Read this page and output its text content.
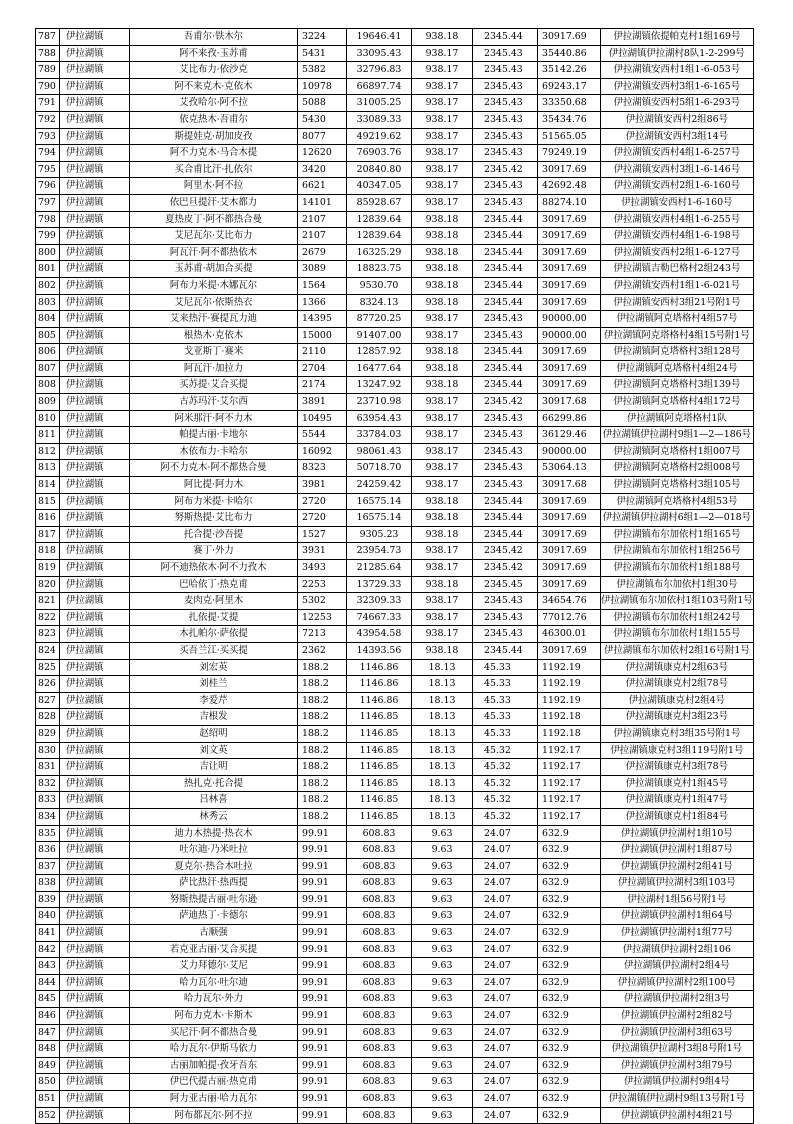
787	伊拉湖镇	吾甫尔·铁木尔	3224	19646.41	938.18	2345.44	30917.69	伊拉湖镇依提帕克村1组169号
788	伊拉湖镇	阿不来孜·玉苏甫	5431	33095.43	938.17	2345.43	35440.86	伊拉湖镇伊拉湖村8队1-2-299号
789	伊拉湖镇	艾比布力·依沙克	5382	32796.83	938.17	2345.43	35142.26	伊拉湖镇安西村1组1-6-053号
790	伊拉湖镇	阿不来克木·克依木	10978	66897.74	938.17	2345.43	69243.17	伊拉湖镇安西村3组1-6-165号
791	伊拉湖镇	艾孜哈尔·阿不拉	5088	31005.25	938.17	2345.43	33350.68	伊拉湖镇安西村5组1-6-293号
792	伊拉湖镇	依克热木·吾甫尔	5430	33089.33	938.17	2345.43	35434.76	伊拉湖镇安西村2组86号
793	伊拉湖镇	斯提娃克·胡加皮孜	8077	49219.62	938.17	2345.43	51565.05	伊拉湖镇安西村3组14号
794	伊拉湖镇	阿不力克木·马合木提	12620	76903.76	938.17	2345.43	79249.19	伊拉湖镇安西村4组1-6-257号
795	伊拉湖镇	买合甫比汗·扎依尔	3420	20840.80	938.17	2345.42	30917.69	伊拉湖镇安西村3组1-6-146号
796	伊拉湖镇	阿里木·阿不拉	6621	40347.05	938.17	2345.43	42692.48	伊拉湖镇安西村2组1-6-160号
797	伊拉湖镇	依巴旦提汗·艾木都力	14101	85928.67	938.17	2345.43	88274.10	伊拉湖镇安西村1-6-160号
798	伊拉湖镇	夏热皮丁·阿不都热合曼	2107	12839.64	938.18	2345.44	30917.69	伊拉湖镇安西村4组1-6-255号
799	伊拉湖镇	艾尼瓦尔·艾比布力	2107	12839.64	938.18	2345.44	30917.69	伊拉湖镇安西村4组1-6-198号
800	伊拉湖镇	阿瓦汗·阿不都热依木	2679	16325.29	938.18	2345.44	30917.69	伊拉湖镇安西村2组1-6-127号
801	伊拉湖镇	玉苏甫·胡加合买提	3089	18823.75	938.18	2345.44	30917.69	伊拉湖镇吉勒巴格村2组243号
802	伊拉湖镇	阿布力米提·木娜瓦尔	1564	9530.70	938.18	2345.44	30917.69	伊拉湖镇安西村1组1-6-021号
803	伊拉湖镇	艾尼瓦尔·依斯热衣	1366	8324.13	938.18	2345.44	30917.69	伊拉湖镇安西村3组21号附1号
804	伊拉湖镇	艾来热汗·赛提瓦力迪	14395	87720.25	938.17	2345.43	90000.00	伊拉湖镇阿克塔格村4组57号
805	伊拉湖镇	根热木·克依木	15000	91407.00	938.17	2345.43	90000.00	伊拉湖镇阿克塔格村4组15号附1号
806	伊拉湖镇	戈亚斯丁·赛米	2110	12857.92	938.18	2345.44	30917.69	伊拉湖镇阿克塔格村3组128号
807	伊拉湖镇	阿瓦汗·加拉力	2704	16477.64	938.18	2345.44	30917.69	伊拉湖镇阿克塔格村4组24号
808	伊拉湖镇	买苏提·艾合买提	2174	13247.92	938.18	2345.44	30917.69	伊拉湖镇阿克塔格村3组139号
809	伊拉湖镇	古苏玛汗·艾尔西	3891	23710.98	938.17	2345.42	30917.68	伊拉湖镇阿克塔格村4组172号
810	伊拉湖镇	阿米那汗·阿不力木	10495	63954.43	938.17	2345.43	66299.86	伊拉湖镇阿克塔格村1队
811	伊拉湖镇	帕提古丽·卡地尔	5544	33784.03	938.17	2345.43	36129.46	伊拉湖镇伊拉湖村9组1—2—186号
812	伊拉湖镇	木依布力·卡哈尔	16092	98061.43	938.17	2345.43	90000.00	伊拉湖镇阿克塔格村1组007号
813	伊拉湖镇	阿不力克木·阿不都热合曼	8323	50718.70	938.17	2345.43	53064.13	伊拉湖镇阿克塔格村2组008号
814	伊拉湖镇	阿比提·阿力木	3981	24259.42	938.17	2345.43	30917.68	伊拉湖镇阿克塔格村3组105号
815	伊拉湖镇	阿布力米提·卡哈尔	2720	16575.14	938.18	2345.44	30917.69	伊拉湖镇阿克塔格村4组53号
816	伊拉湖镇	努斯热提·艾比布力	2720	16575.14	938.18	2345.44	30917.69	伊拉湖镇伊拉湖村6组1—2—018号
817	伊拉湖镇	托合提·沙吾提	1527	9305.23	938.18	2345.44	30917.69	伊拉湖镇布尔加依村1组165号
818	伊拉湖镇	赛丁·外力	3931	23954.73	938.17	2345.42	30917.69	伊拉湖镇布尔加依村1组256号
819	伊拉湖镇	阿不迪热依木·阿不力孜木	3493	21285.64	938.17	2345.42	30917.69	伊拉湖镇布尔加依村1组188号
820	伊拉湖镇	巴哈依丁·热克甫	2253	13729.33	938.18	2345.45	30917.69	伊拉湖镇布尔加依村1组30号
821	伊拉湖镇	麦肉克·阿里木	5302	32309.33	938.17	2345.43	34654.76	伊拉湖镇布尔加依村1组103号附1号
822	伊拉湖镇	扎依提·艾提	12253	74667.33	938.17	2345.43	77012.76	伊拉湖镇布尔加依村1组242号
823	伊拉湖镇	木扎帕尔·萨依提	7213	43954.58	938.17	2345.43	46300.01	伊拉湖镇布尔加依村1组155号
824	伊拉湖镇	买吾兰江·买买提	2362	14393.56	938.18	2345.44	30917.69	伊拉湖镇布尔加依村2组16号附1号
825	伊拉湖镇	刘宏英	188.2	1146.86	18.13	45.33	1192.19	伊拉湖镇康克村2组63号
826	伊拉湖镇	刘桂兰	188.2	1146.86	18.13	45.33	1192.19	伊拉湖镇康克村2组78号
827	伊拉湖镇	李爱芹	188.2	1146.86	18.13	45.33	1192.19	伊拉湖镇康克村2组4号
828	伊拉湖镇	吉根发	188.2	1146.85	18.13	45.33	1192.18	伊拉湖镇康克村3组23号
829	伊拉湖镇	赵绍明	188.2	1146.85	18.13	45.33	1192.18	伊拉湖镇康克村3组35号附1号
830	伊拉湖镇	刘文英	188.2	1146.85	18.13	45.32	1192.17	伊拉湖镇康克村3组119号附1号
831	伊拉湖镇	吉让明	188.2	1146.85	18.13	45.32	1192.17	伊拉湖镇康克村3组78号
832	伊拉湖镇	热扎克·托合提	188.2	1146.85	18.13	45.32	1192.17	伊拉湖镇康克村1组45号
833	伊拉湖镇	吕林喜	188.2	1146.85	18.13	45.32	1192.17	伊拉湖镇康克村1组47号
834	伊拉湖镇	林秀云	188.2	1146.85	18.13	45.32	1192.17	伊拉湖镇康克村1组84号
835	伊拉湖镇	迪力木热提·热衣木	99.91	608.83	9.63	24.07	632.9	伊拉湖镇伊拉湖村1组10号
836	伊拉湖镇	吐尔迪·乃米吐拉	99.91	608.83	9.63	24.07	632.9	伊拉湖镇伊拉湖村1组87号
837	伊拉湖镇	夏克尔·热合木吐拉	99.91	608.83	9.63	24.07	632.9	伊拉湖镇伊拉湖村2组41号
838	伊拉湖镇	萨比热汗·热西提	99.91	608.83	9.63	24.07	632.9	伊拉湖镇伊拉湖村3组103号
839	伊拉湖镇	努斯热提古丽·吐尔逊	99.91	608.83	9.63	24.07	632.9	伊拉湖村1组56号附1号
840	伊拉湖镇	萨迪热丁·卡德尔	99.91	608.83	9.63	24.07	632.9	伊拉湖镇伊拉湖村1组64号
841	伊拉湖镇	古顺强	99.91	608.83	9.63	24.07	632.9	伊拉湖镇伊拉湖村1组77号
842	伊拉湖镇	若克亚古丽·艾合买提	99.91	608.83	9.63	24.07	632.9	伊拉湖镇伊拉湖村2组106
843	伊拉湖镇	艾力拜德尔·艾尼	99.91	608.83	9.63	24.07	632.9	伊拉湖镇伊拉湖村2组4号
844	伊拉湖镇	哈力瓦尔·吐尔迪	99.91	608.83	9.63	24.07	632.9	伊拉湖镇伊拉湖村2组100号
845	伊拉湖镇	哈力瓦尔·外力	99.91	608.83	9.63	24.07	632.9	伊拉湖镇伊拉湖村2组3号
846	伊拉湖镇	阿布力克木·卡斯木	99.91	608.83	9.63	24.07	632.9	伊拉湖镇伊拉湖村2组82号
847	伊拉湖镇	买尼汗·阿不都热合曼	99.91	608.83	9.63	24.07	632.9	伊拉湖镇伊拉湖村3组63号
848	伊拉湖镇	哈力瓦尔·伊斯马依力	99.91	608.83	9.63	24.07	632.9	伊拉湖镇伊拉湖村3组8号附1号
849	伊拉湖镇	古丽加帕提·孜牙吾东	99.91	608.83	9.63	24.07	632.9	伊拉湖镇伊拉湖村3组79号
850	伊拉湖镇	伊巴代提古丽·热克甫	99.91	608.83	9.63	24.07	632.9	伊拉湖镇伊拉湖村9组4号
851	伊拉湖镇	阿力亚古丽·哈力瓦尔	99.91	608.83	9.63	24.07	632.9	伊拉湖镇伊拉湖村9组13号附1号
852	伊拉湖镇	阿布都瓦尔·阿不拉	99.91	608.83	9.63	24.07	632.9	伊拉湖镇伊拉湖村4组21号
